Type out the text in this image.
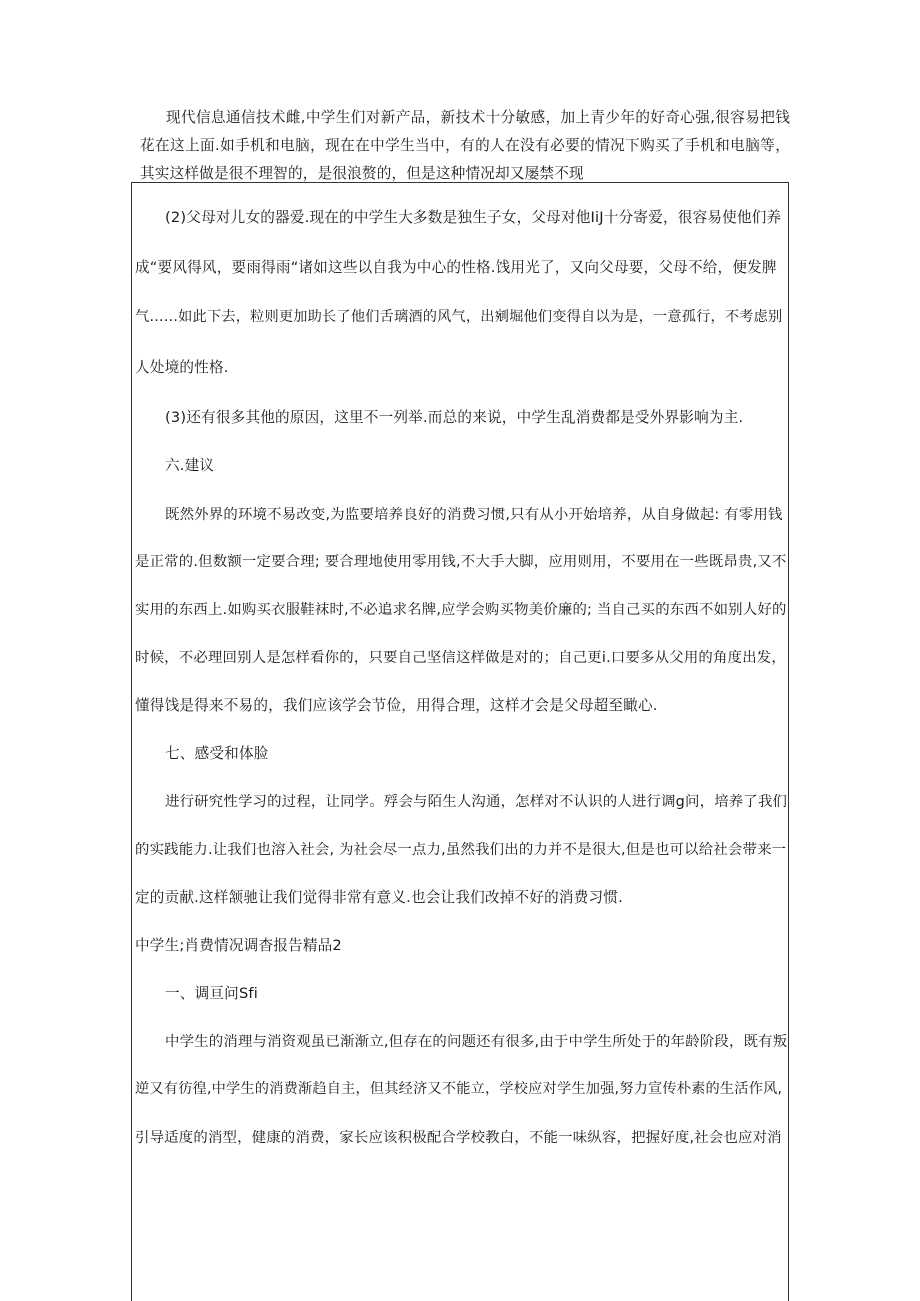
现代信息通信技术雌,中学生们对新产品，新技术十分敏感，加上青少年的好奇心强,很容易把钱花在这上面.如手机和电脑，现在在中学生当中，有的人在没有必要的情况下购买了手机和电脑等，其实这样做是很不理智的，是很浪赘的，但是这种情况却又屡禁不现

(2)父母对儿女的器爱.现在的中学生大多数是独生子女，父母对他IiJ十分寄爱，很容易使他们养

成“要风得风，要雨得雨“诸如这些以自我为中心的性格.饯用光了，又向父母要，父母不给，便发脾

气……如此下去，粒则更加助长了他们舌璃酒的风气，出剜堀他们变得自以为是，一意孤行，不考虑别

人处境的性格.

(3)还有很多其他的原因，这里不一列举.而总的来说，中学生乱消费都是受外界影响为主.

六.建议

既然外界的环境不易改变,为监要培养良好的消费习惯,只有从小开始培养，从自身做起: 有零用钱

是正常的.但数额一定要合理; 要合理地使用零用钱,不大手大脚，应用则用，不要用在一些既昂贵,又不

实用的东西上.如购买衣服鞋袜时,不必追求名牌,应学会购买物美价廉的; 当自己买的东西不如别人好的

时候，不必理回别人是怎样看你的，只要自己坚信这样做是对的；自己更i.口要多从父用的角度出发，

懂得饯是得来不易的，我们应该学会节俭，用得合理，这样才会是父母超至瞰心.

七、感受和体脸

进行研究性学习的过程，让同学。殍会与陌生人沟通，怎样对不认识的人进行调g问，培养了我们

的实践能力.让我们也溶入社会, 为社会尽一点力,虽然我们出的力并不是很大,但是也可以给社会带来一

定的贡献.这样颔驰让我们觉得非常有意义.也会让我们改掉不好的消费习惯.

中学生;肖费情况调杳报告精品2

一、调亘问Sfi

中学生的消理与消资观虽已渐渐立,但存在的问题还有很多,由于中学生所处于的年龄阶段，既有叛

逆又有彷徨,中学生的消费渐趋自主，但其经济又不能立，学校应对学生加强,努力宣传朴素的生活作风,

引导适度的消型，健康的消费，家长应该积极配合学校教白，不能一味纵容，把握好度,社会也应对消
